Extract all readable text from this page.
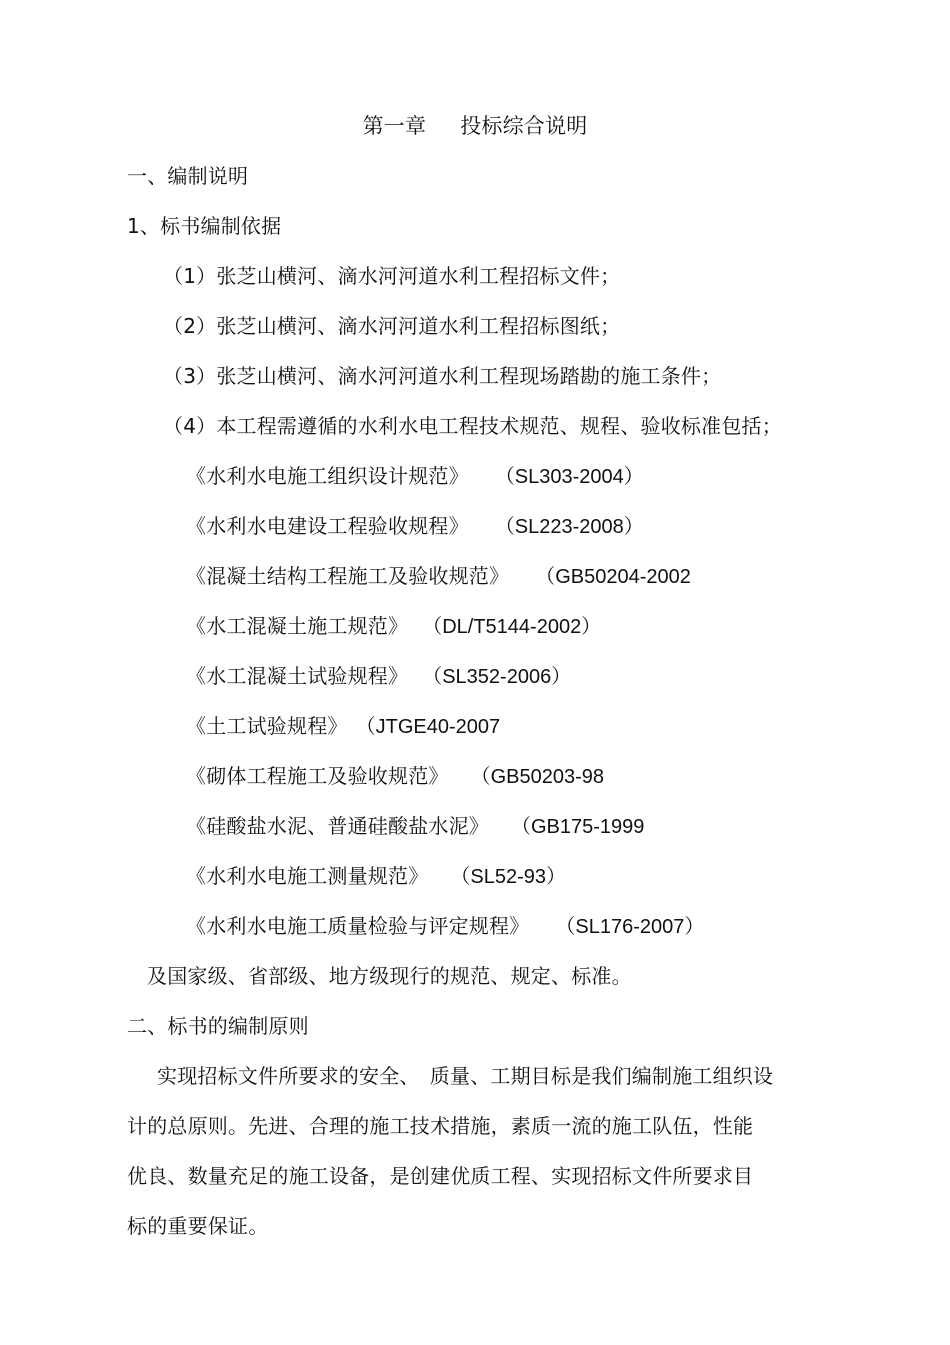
第一章 投标综合说明
一、编制说明
1、标书编制依据
（1）张芝山横河、滴水河河道水利工程招标文件；
（2）张芝山横河、滴水河河道水利工程招标图纸；
（3）张芝山横河、滴水河河道水利工程现场踏勘的施工条件；
（4）本工程需遵循的水利水电工程技术规范、规程、验收标准包括；
《水利水电施工组织设计规范》 （SL303-2004）
《水利水电建设工程验收规程》 （SL223-2008）
《混凝土结构工程施工及验收规范》 （GB50204-2002
《水工混凝土施工规范》 （DL/T5144-2002）
《水工混凝土试验规程》 （SL352-2006）
《土工试验规程》 （JTGE40-2007
《砌体工程施工及验收规范》 （GB50203-98
《硅酸盐水泥、普通硅酸盐水泥》 （GB175-1999
《水利水电施工测量规范》 （SL52-93）
《水利水电施工质量检验与评定规程》 （SL176-2007）
及国家级、省部级、地方级现行的规范、规定、标准。
二、标书的编制原则
实现招标文件所要求的安全、　质量、工期目标是我们编制施工组织设
计的总原则。先进、合理的施工技术措施，素质一流的施工队伍，性能
优良、数量充足的施工设备，是创建优质工程、实现招标文件所要求目
标的重要保证。
